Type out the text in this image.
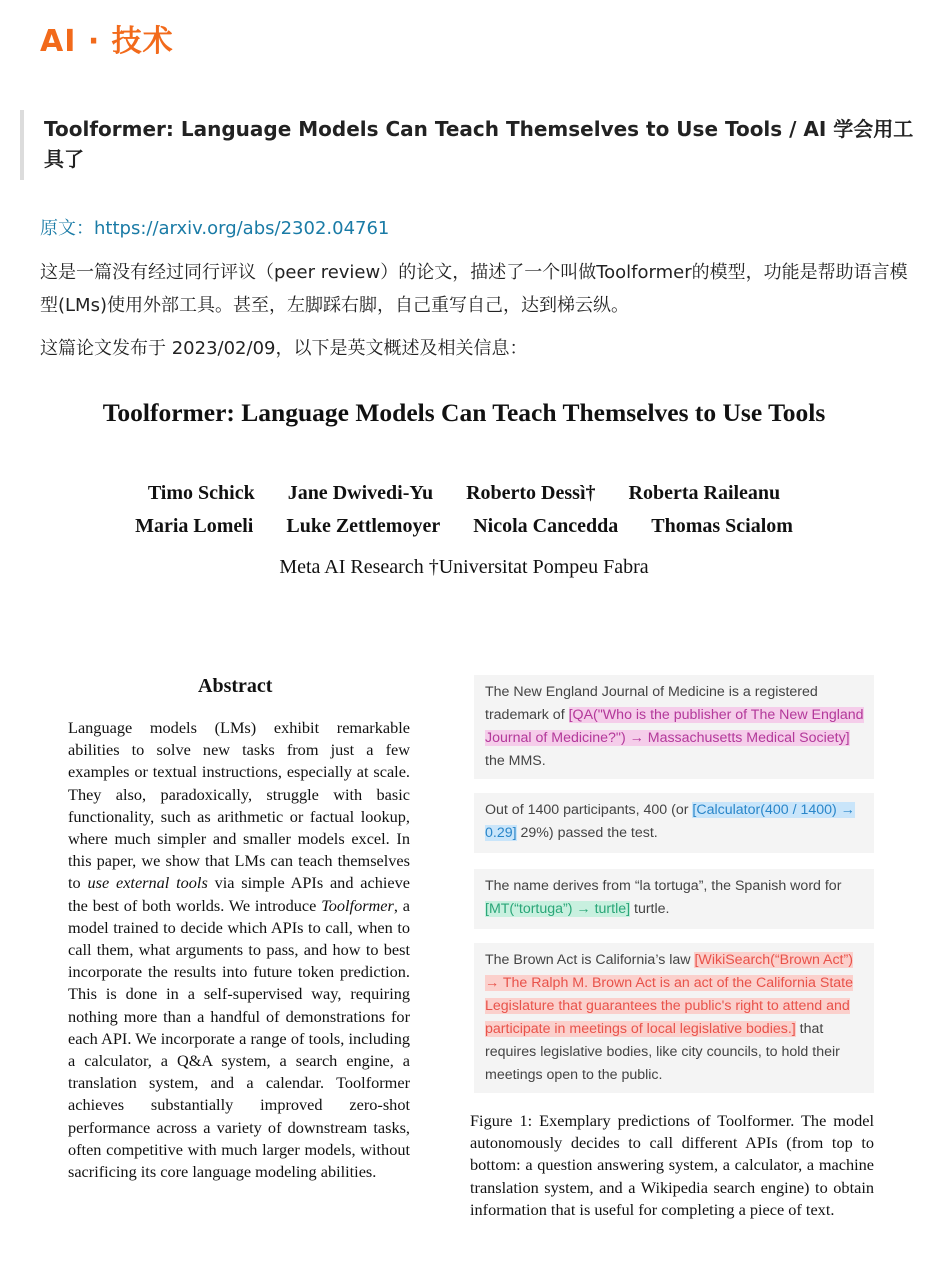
AI · 技术
Toolformer: Language Models Can Teach Themselves to Use Tools / AI 学会用工具了
原文：https://arxiv.org/abs/2302.04761
这是一篇没有经过同行评议（peer review）的论文，描述了一个叫做Toolformer的模型，功能是帮助语言模型(LMs)使用外部工具。甚至，左脚踩右脚，自己重写自己，达到梯云纵。
这篇论文发布于 2023/02/09，以下是英文概述及相关信息：
Toolformer: Language Models Can Teach Themselves to Use Tools
Timo Schick Jane Dwivedi-Yu Roberto Dessì† Roberta Raileanu
Maria Lomeli Luke Zettlemoyer Nicola Cancedda Thomas Scialom
Meta AI Research †Universitat Pompeu Fabra
Abstract
Language models (LMs) exhibit remarkable abilities to solve new tasks from just a few examples or textual instructions, especially at scale. They also, paradoxically, struggle with basic functionality, such as arithmetic or factual lookup, where much simpler and smaller models excel. In this paper, we show that LMs can teach themselves to use external tools via simple APIs and achieve the best of both worlds. We introduce Toolformer, a model trained to decide which APIs to call, when to call them, what arguments to pass, and how to best incorporate the results into future token prediction. This is done in a self-supervised way, requiring nothing more than a handful of demonstrations for each API. We incorporate a range of tools, including a calculator, a Q&A system, a search engine, a translation system, and a calendar. Toolformer achieves substantially improved zero-shot performance across a variety of downstream tasks, often competitive with much larger models, without sacrificing its core language modeling abilities.
The New England Journal of Medicine is a registered trademark of [QA("Who is the publisher of The New England Journal of Medicine?") → Massachusetts Medical Society] the MMS.
Out of 1400 participants, 400 (or [Calculator(400 / 1400) → 0.29] 29%) passed the test.
The name derives from “la tortuga”, the Spanish word for [MT(“tortuga”) → turtle] turtle.
The Brown Act is California’s law [WikiSearch(“Brown Act”) → The Ralph M. Brown Act is an act of the California State Legislature that guarantees the public's right to attend and participate in meetings of local legislative bodies.] that requires legislative bodies, like city councils, to hold their meetings open to the public.
Figure 1: Exemplary predictions of Toolformer. The model autonomously decides to call different APIs (from top to bottom: a question answering system, a calculator, a machine translation system, and a Wikipedia search engine) to obtain information that is useful for completing a piece of text.
